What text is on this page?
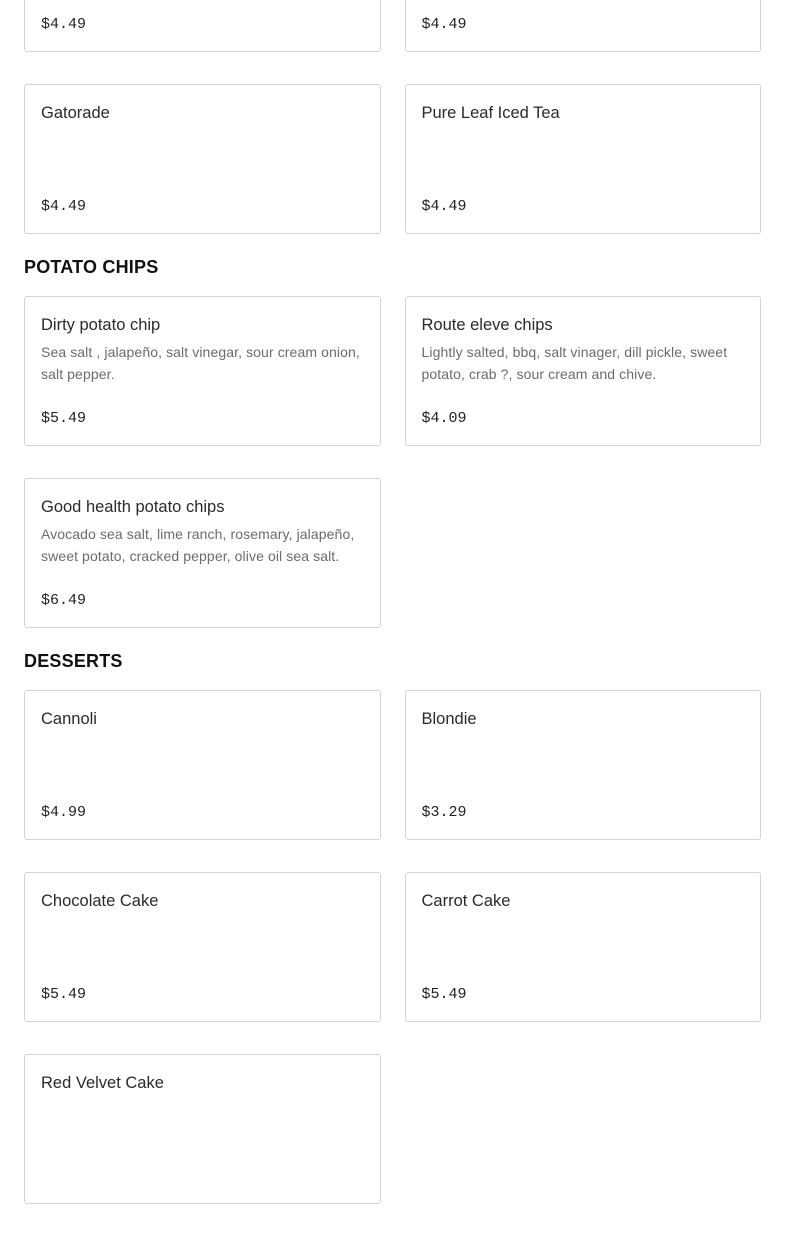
$4.49	$4.49
Gatorade
$4.49
Pure Leaf Iced Tea
$4.49
POTATO CHIPS
Dirty potato chip
Sea salt , jalapeño, salt vinegar, sour cream onion, salt pepper.
$5.49
Route eleve chips
Lightly salted, bbq, salt vinager, dill pickle, sweet potato, crab ?, sour cream and chive.
$4.09
Good health potato chips
Avocado sea salt, lime ranch, rosemary, jalapeño, sweet potato, cracked pepper, olive oil sea salt.
$6.49
DESSERTS
Cannoli
$4.99
Blondie
$3.29
Chocolate Cake
$5.49
Carrot Cake
$5.49
Red Velvet Cake
